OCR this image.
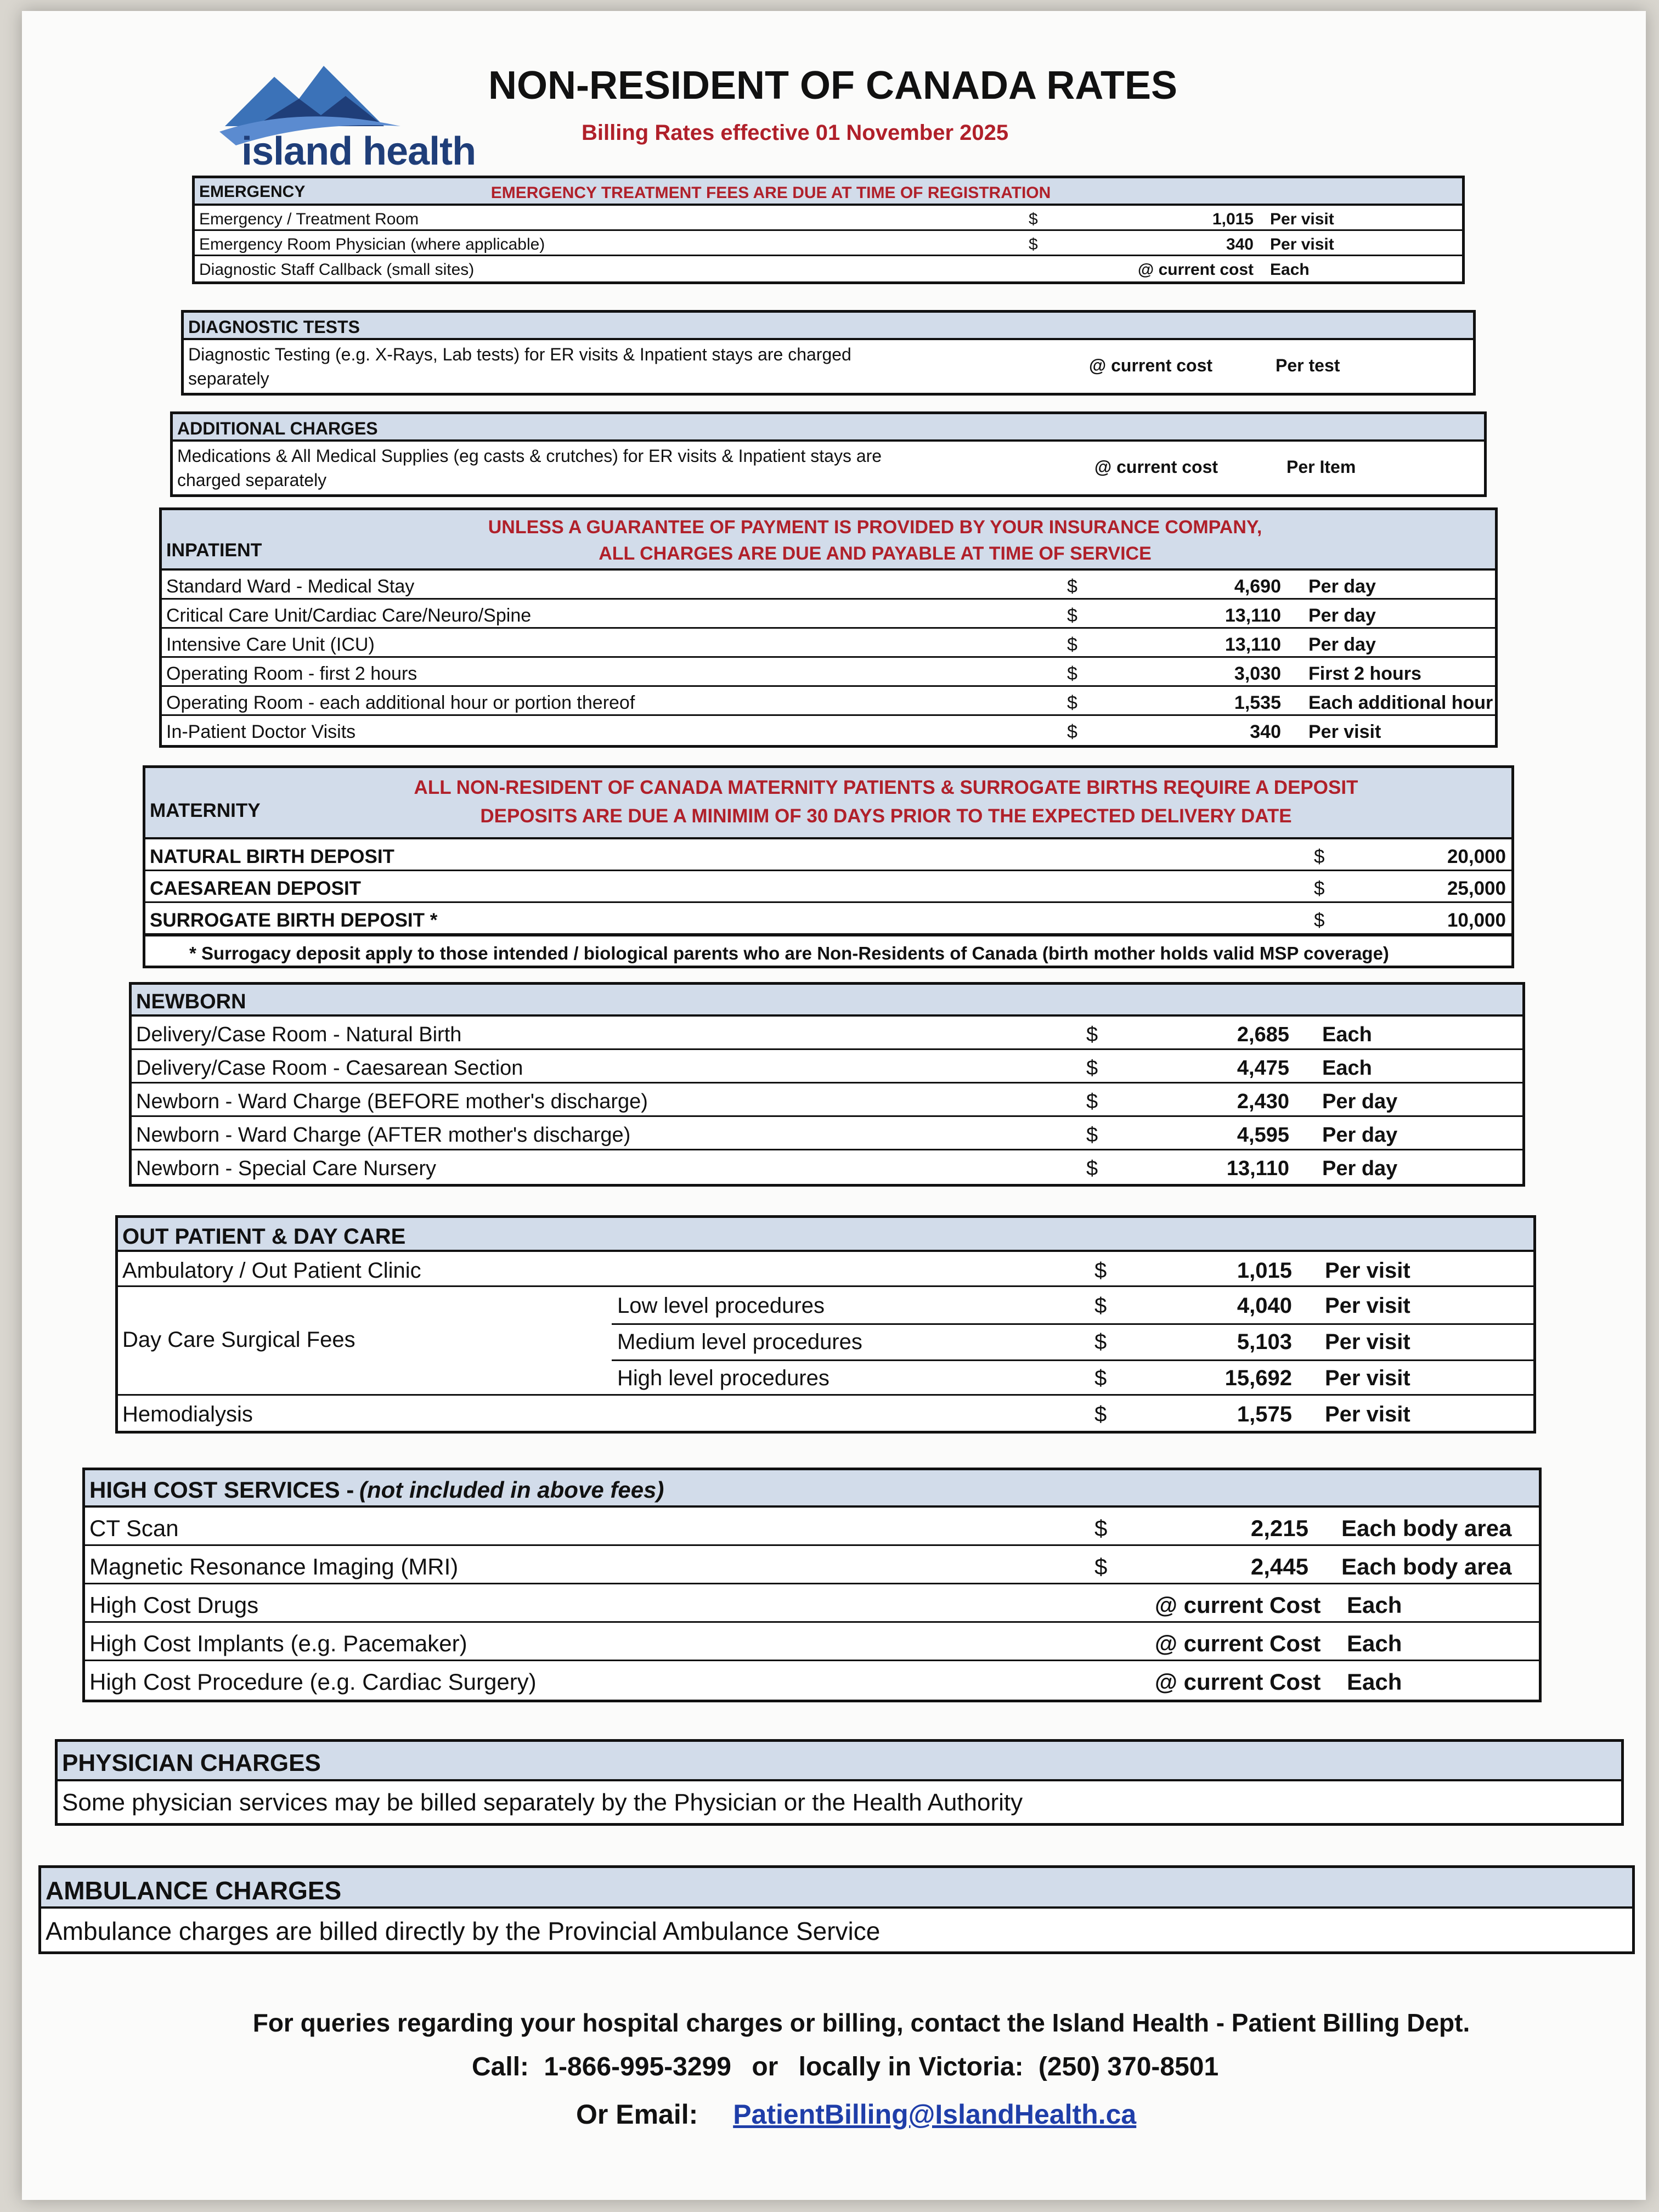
island health
NON-RESIDENT OF CANADA RATES
Billing Rates effective 01 November 2025
EMERGENCY	EMERGENCY TREATMENT FEES ARE DUE AT TIME OF REGISTRATION
Emergency / Treatment Room	$	1,015 Per visit
Emergency Room Physician (where applicable)	$	340 Per visit
Diagnostic Staff Callback (small sites)	@ current cost Each
DIAGNOSTIC TESTS
Diagnostic Testing (e.g. X-Rays, Lab tests) for ER visits & Inpatient stays are charged
separately
@ current cost	Per test
ADDITIONAL CHARGES
Medications & All Medical Supplies (eg casts & crutches) for ER visits & Inpatient stays are
charged separately
@ current cost	Per Item
INPATIENT
UNLESS A GUARANTEE OF PAYMENT IS PROVIDED BY YOUR INSURANCE COMPANY,
ALL CHARGES ARE DUE AND PAYABLE AT TIME OF SERVICE
Standard Ward - Medical Stay	$	4,690 Per day
Critical Care Unit/Cardiac Care/Neuro/Spine	$	13,110 Per day
Intensive Care Unit (ICU)	$	13,110 Per day
Operating Room - first 2 hours	$	3,030 First 2 hours
Operating Room - each additional hour or portion thereof	$	1,535 Each additional hour
In-Patient Doctor Visits	$	340 Per visit
MATERNITY
ALL NON-RESIDENT OF CANADA MATERNITY PATIENTS & SURROGATE BIRTHS REQUIRE A DEPOSIT
DEPOSITS ARE DUE A MINIMIM OF 30 DAYS PRIOR TO THE EXPECTED DELIVERY DATE
NATURAL BIRTH DEPOSIT	$	20,000
CAESAREAN DEPOSIT	$	25,000
SURROGATE BIRTH DEPOSIT *	$	10,000
* Surrogacy deposit apply to those intended / biological parents who are Non-Residents of Canada (birth mother holds valid MSP coverage)
NEWBORN
Delivery/Case Room - Natural Birth	$	2,685 Each
Delivery/Case Room - Caesarean Section	$	4,475 Each
Newborn - Ward Charge (BEFORE mother's discharge)	$	2,430 Per day
Newborn - Ward Charge (AFTER mother's discharge)	$	4,595 Per day
Newborn - Special Care Nursery	$	13,110 Per day
OUT PATIENT & DAY CARE
Ambulatory / Out Patient Clinic	$	1,015 Per visit
Day Care Surgical Fees
Low level procedures	$	4,040 Per visit
Medium level procedures	$	5,103 Per visit
High level procedures	$	15,692 Per visit
Hemodialysis	$	1,575 Per visit
HIGH COST SERVICES - (not included in above fees)
CT Scan	$	2,215 Each body area
Magnetic Resonance Imaging (MRI)	$	2,445 Each body area
High Cost Drugs	@ current Cost Each
High Cost Implants (e.g. Pacemaker)	@ current Cost Each
High Cost Procedure (e.g. Cardiac Surgery)	@ current Cost Each
PHYSICIAN CHARGES
Some physician services may be billed separately by the Physician or the Health Authority
AMBULANCE CHARGES
Ambulance charges are billed directly by the Provincial Ambulance Service
For queries regarding your hospital charges or billing, contact the Island Health - Patient Billing Dept.
Call: 1-866-995-3299 or locally in Victoria: (250) 370-8501
Or Email: PatientBilling@IslandHealth.ca
